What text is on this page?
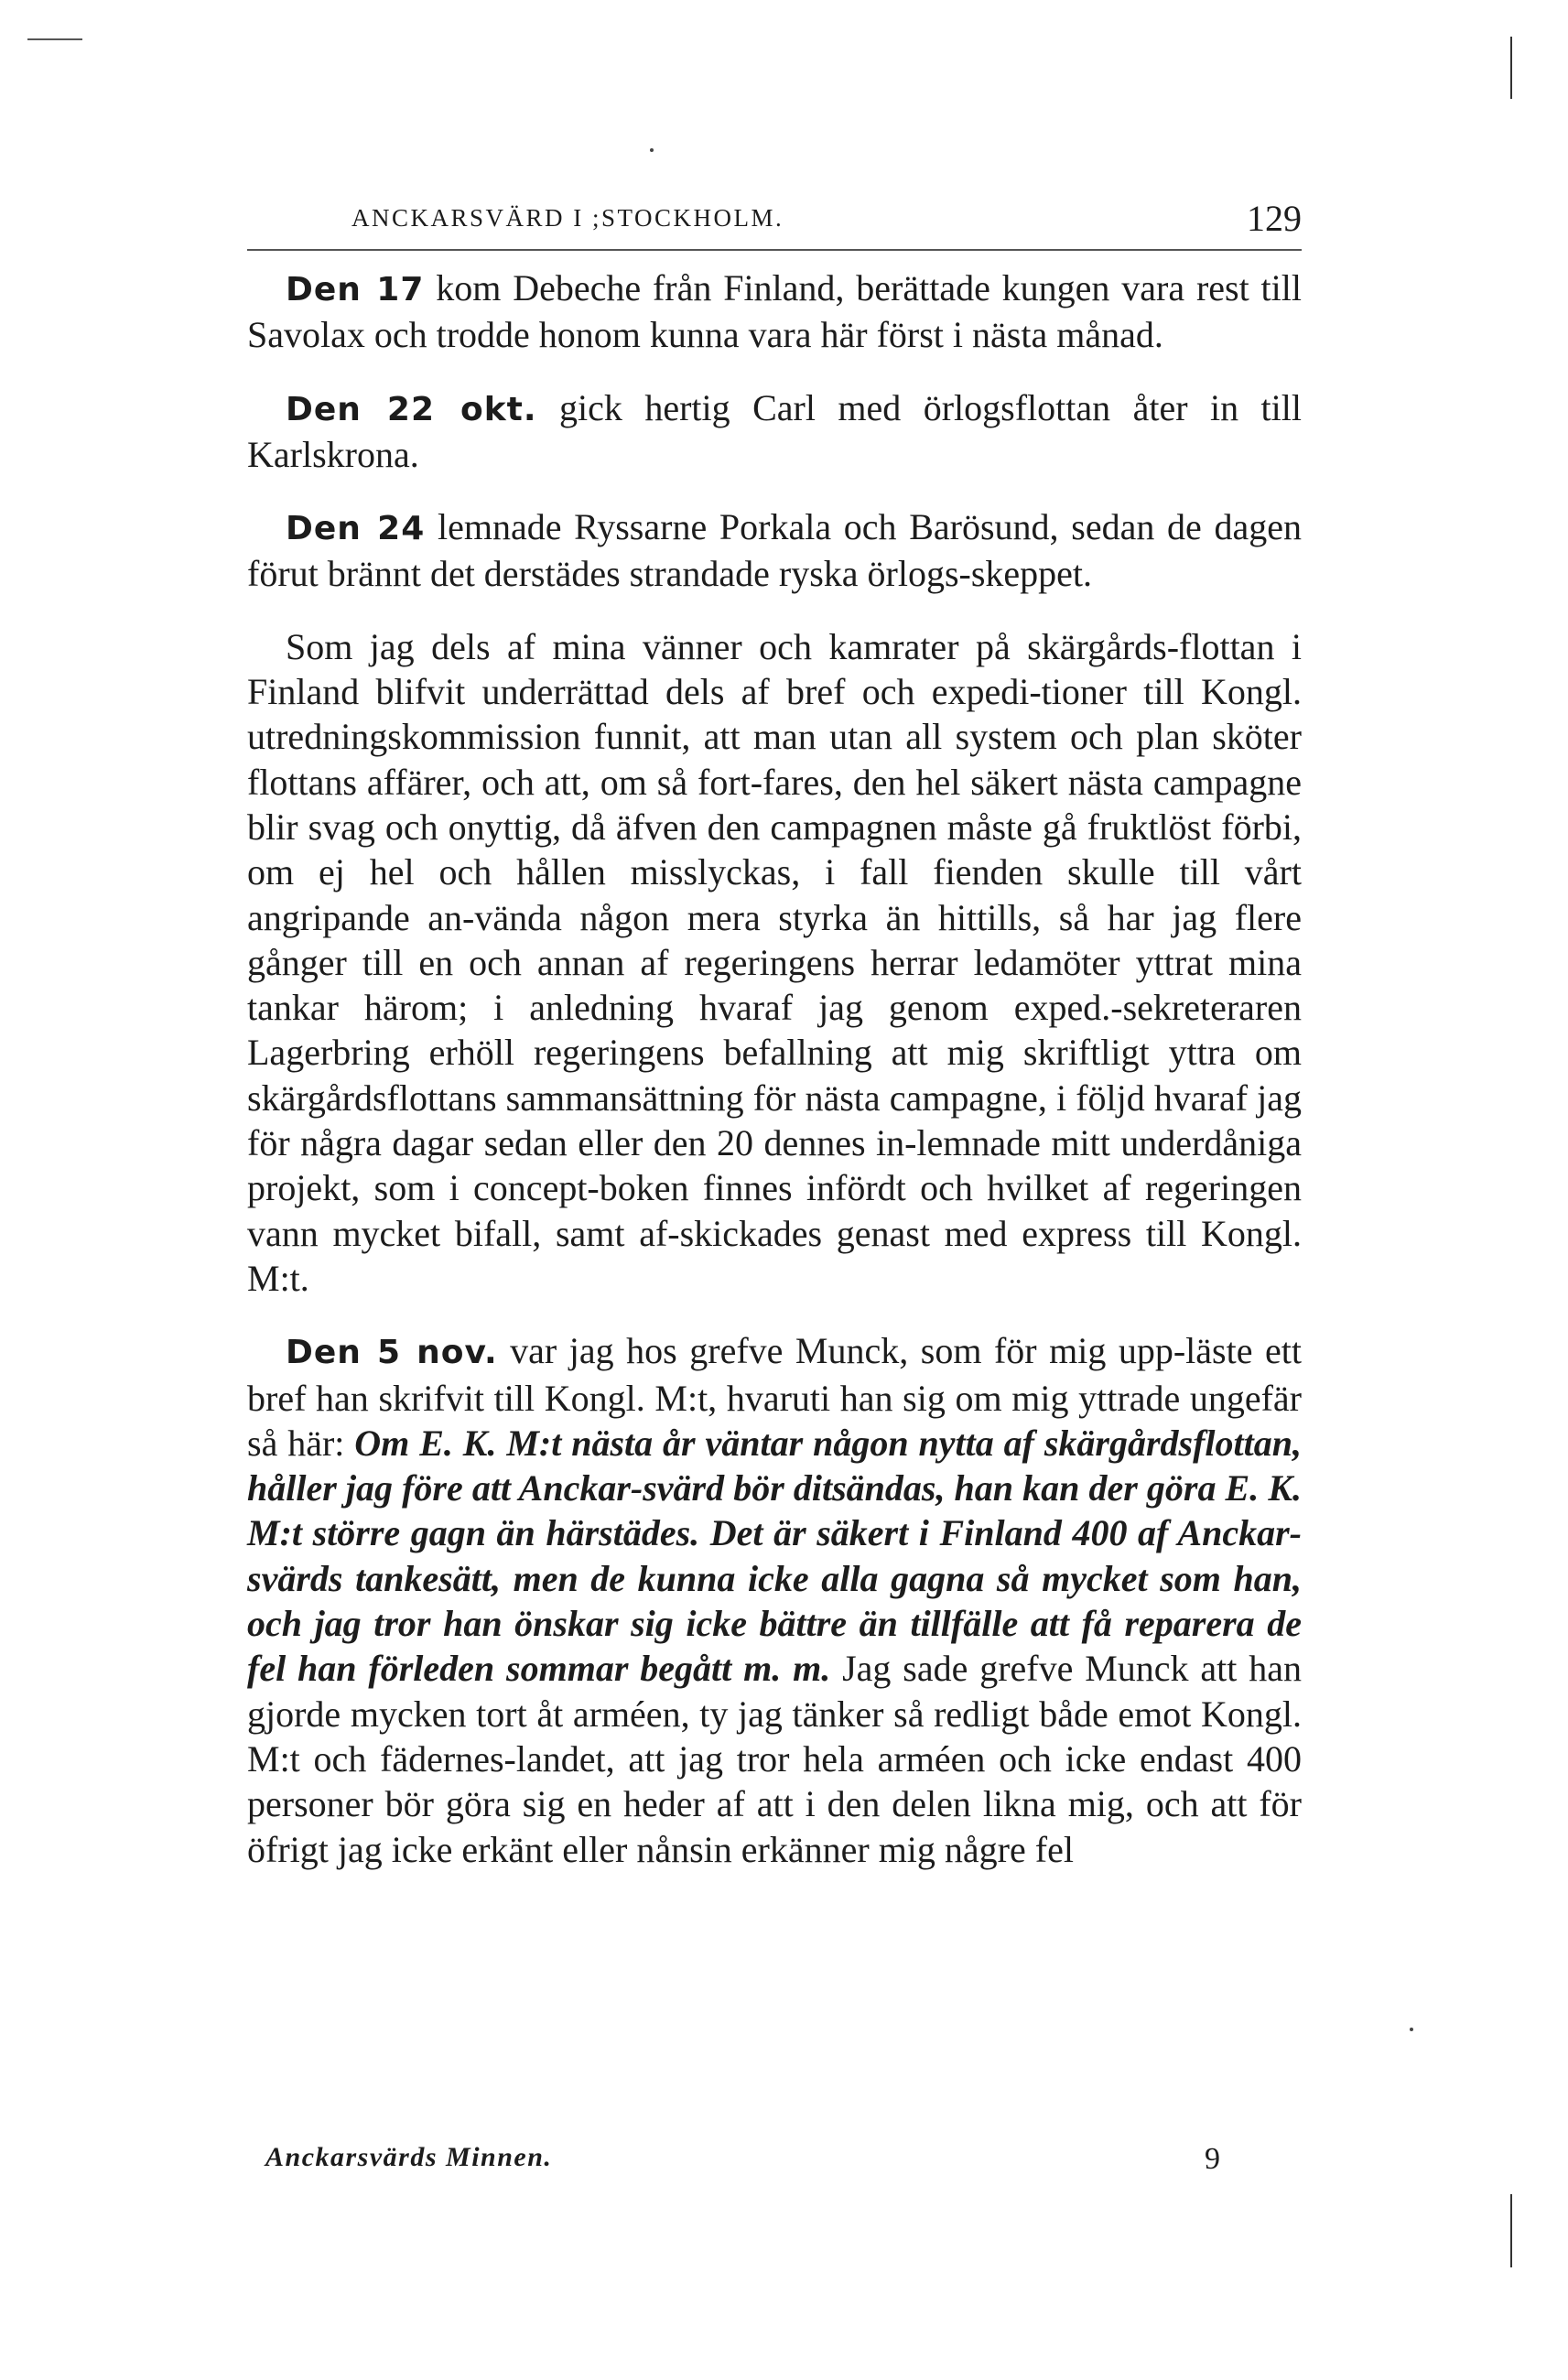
ANCKARSVÄRD I ;STOCKHOLM.	129

Den 17 kom Debeche från Finland, berättade kungen vara rest till Savolax och trodde honom kunna vara här först i nästa månad.

Den 22 okt. gick hertig Carl med örlogsflottan åter in till Karlskrona.

Den 24 lemnade Ryssarne Porkala och Barösund, sedan de dagen förut brännt det derstädes strandade ryska örlogs-skeppet.

Som jag dels af mina vänner och kamrater på skärgårds-flottan i Finland blifvit underrättad dels af bref och expedi-tioner till Kongl. utredningskommission funnit, att man utan all system och plan sköter flottans affärer, och att, om så fort-fares, den hel säkert nästa campagne blir svag och onyttig, då äfven den campagnen måste gå fruktlöst förbi, om ej hel och hållen misslyckas, i fall fienden skulle till vårt angripande an-vända någon mera styrka än hittills, så har jag flere gånger till en och annan af regeringens herrar ledamöter yttrat mina tankar härom; i anledning hvaraf jag genom exped.-sekreteraren Lagerbring erhöll regeringens befallning att mig skriftligt yttra om skärgårdsflottans sammansättning för nästa campagne, i följd hvaraf jag för några dagar sedan eller den 20 dennes in-lemnade mitt underdåniga projekt, som i concept-boken finnes infördt och hvilket af regeringen vann mycket bifall, samt af-skickades genast med express till Kongl. M:t.

Den 5 nov. var jag hos grefve Munck, som för mig upp-läste ett bref han skrifvit till Kongl. M:t, hvaruti han sig om mig yttrade ungefär så här: Om E. K. M:t nästa år väntar någon nytta af skärgårdsflottan, håller jag före att Anckar-svärd bör ditsändas, han kan der göra E. K. M:t större gagn än härstädes. Det är säkert i Finland 400 af Anckar-svärds tankesätt, men de kunna icke alla gagna så mycket som han, och jag tror han önskar sig icke bättre än tillfälle att få reparera de fel han förleden sommar begått m. m. Jag sade grefve Munck att han gjorde mycken tort åt arméen, ty jag tänker så redligt både emot Kongl. M:t och fädernes-landet, att jag tror hela arméen och icke endast 400 personer bör göra sig en heder af att i den delen likna mig, och att för öfrigt jag icke erkänt eller nånsin erkänner mig någre fel

Anckarsvärds Minnen.	9
